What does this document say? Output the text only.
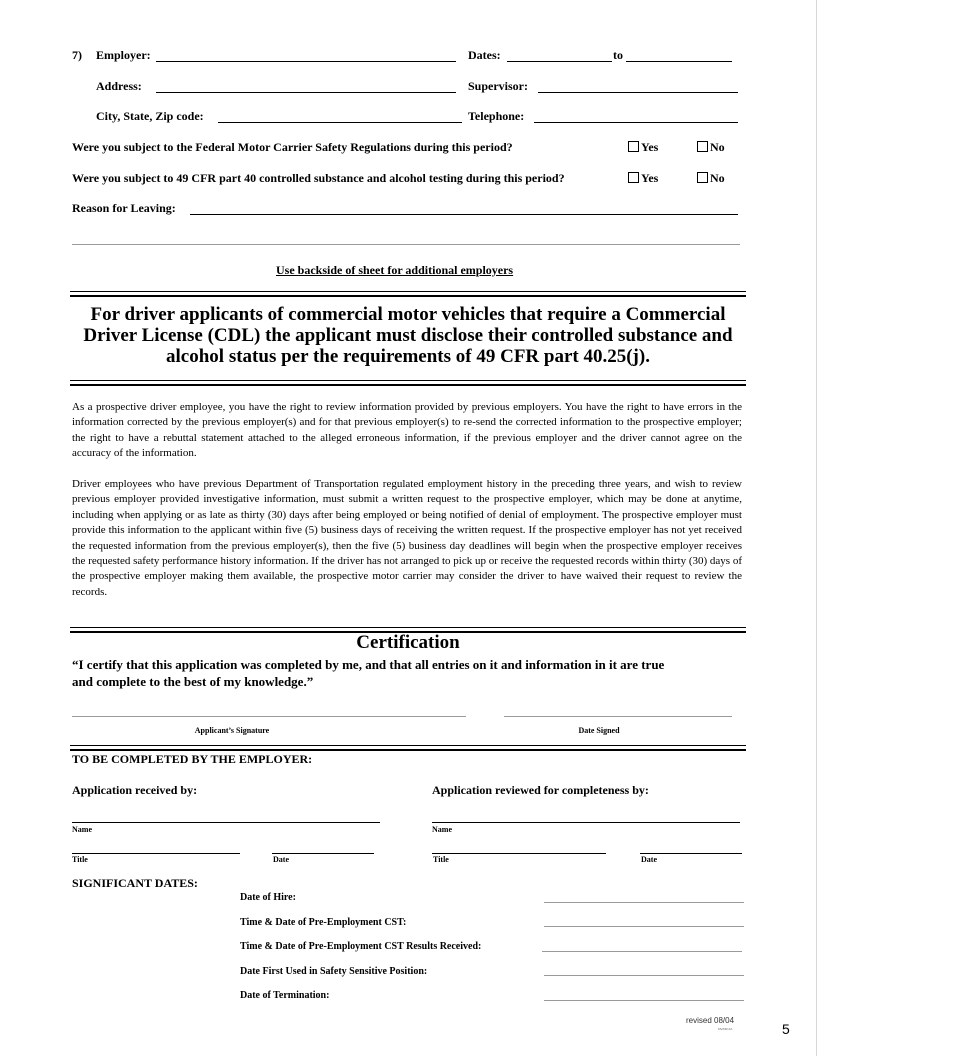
7) Employer:	Dates:	to
Address:	Supervisor:
City, State, Zip code:	Telephone:
Were you subject to the Federal Motor Carrier Safety Regulations during this period?	Yes	No
Were you subject to 49 CFR part 40 controlled substance and alcohol testing during this period?	Yes	No
Reason for Leaving:
Use backside of sheet for additional employers
For driver applicants of commercial motor vehicles that require a Commercial
Driver License (CDL) the applicant must disclose their controlled substance and
alcohol status per the requirements of 49 CFR part 40.25(j).
As a prospective driver employee, you have the right to review information provided by previous employers. You have the right to have errors in the information corrected by the previous employer(s) and for that previous employer(s) to re-send the corrected information to the prospective employer; the right to have a rebuttal statement attached to the alleged erroneous information, if the previous employer and the driver cannot agree on the accuracy of the information.
Driver employees who have previous Department of Transportation regulated employment history in the preceding three years, and wish to review previous employer provided investigative information, must submit a written request to the prospective employer, which may be done at anytime, including when applying or as late as thirty (30) days after being employed or being notified of denial of employment. The prospective employer must provide this information to the applicant within five (5) business days of receiving the written request. If the prospective employer has not yet received the requested information from the previous employer(s), then the five (5) business day deadlines will begin when the prospective employer receives the requested safety performance history information. If the driver has not arranged to pick up or receive the requested records within thirty (30) days of the prospective employer making them available, the prospective motor carrier may consider the driver to have waived their request to review the records.
Certification
“I certify that this application was completed by me, and that all entries on it and information in it are true
and complete to the best of my knowledge.”
Applicant’s Signature	Date Signed
TO BE COMPLETED BY THE EMPLOYER:
Application received by:	Application reviewed for completeness by:
Name	Name
Title	Date	Title	Date
SIGNIFICANT DATES:
Date of Hire:
Time & Date of Pre-Employment CST:
Time & Date of Pre-Employment CST Results Received:
Date First Used in Safety Sensitive Position:
Date of Termination:
revised 08/04
MV/DR-FA	5
